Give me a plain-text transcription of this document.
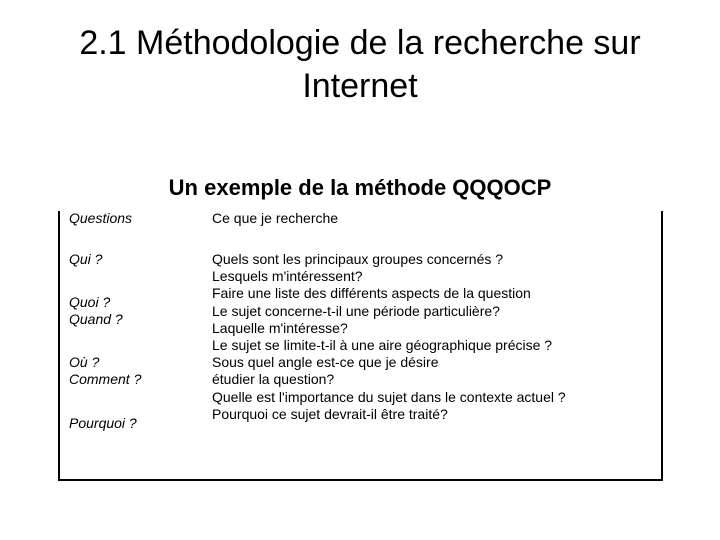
2.1 Méthodologie de la recherche sur Internet
Un exemple de la méthode QQQOCP
Questions	Ce que je recherche
Qui ?
Quoi ?
Quand ?
Où ?
Comment ?
Pourquoi ?
Quels sont les principaux groupes concernés ?
Lesquels m'intéressent?
Faire une liste des différents aspects de la question
Le sujet concerne-t-il une période particulière?
Laquelle m'intéresse?
Le sujet se limite-t-il à une aire géographique précise ?
Sous quel angle est-ce que je désire étudier la question?
Quelle est l'importance du sujet dans le contexte actuel ?
Pourquoi ce sujet devrait-il être traité?
